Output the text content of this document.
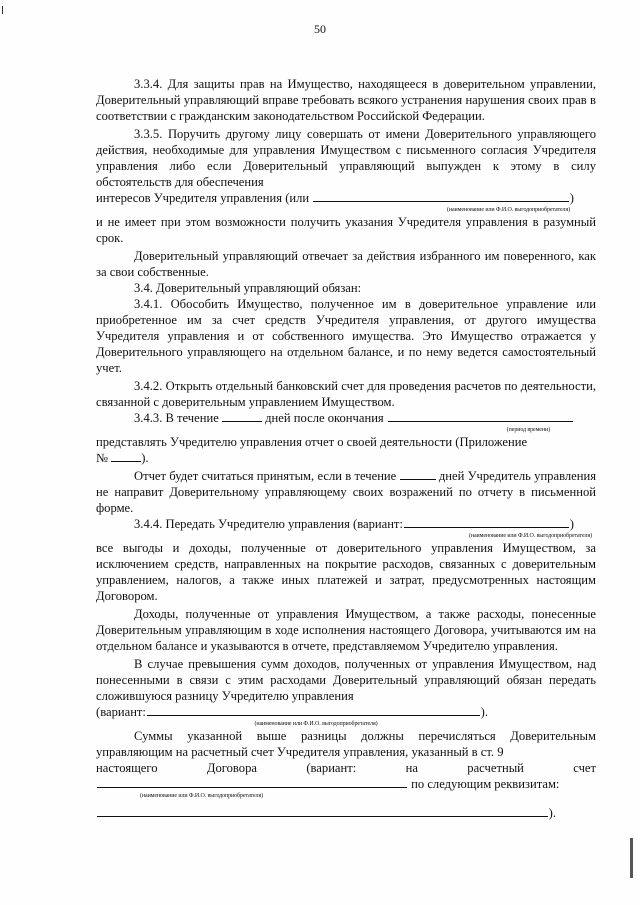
50

3.3.4. Для защиты прав на Имущество, находящееся в доверительном управлении, Доверительный управляющий вправе требовать всякого устранения нарушения своих прав в соответствии с гражданским законодательством Российской Федерации.

3.3.5. Поручить другому лицу совершать от имени Доверительного управляющего действия, необходимые для управления Имуществом с письменного согласия Учредителя управления либо если Доверительный управляющий выпужден к этому в силу обстоятельств для обеспечения

интересов Учредителя управления (или
	)
(наименование или Ф.И.О. выгодоприобретателя)

и не имеет при этом возможности получить указания Учредителя управления в разумный срок.

Доверительный управляющий отвечает за действия избранного им поверенного, как за свои собственные.

3.4. Доверительный управляющий обязан:

3.4.1. Обособить Имущество, полученное им в доверительное управление или приобретенное им за счет средств Учредителя управления, от другого имущества Учредителя управления и от собственного имущества. Это Имущество отражается у Доверительного управляющего на отдельном балансе, и по нему ведется самостоятельный учет.

3.4.2. Открыть отдельный банковский счет для проведения расчетов по деятельности, связанной с доверительным управлением Имуществом.

3.4.3. В течение

	дней после окончания

(период времени)

представлять Учредителю управления отчет о своей деятельности (Приложение

№
	).

Отчет будет считаться принятым, если в течение	дней Учредитель управления не направит Доверительному управляющему своих возражений по отчету в письменной форме.

3.4.4. Передать Учредителю управления (вариант:	)
(наименование или Ф.И.О. выгодоприобретателя)

все выгоды и доходы, полученные от доверительного управления Имуществом, за исключением средств, направленных на покрытие расходов, связанных с доверительным управлением, налогов, а также иных платежей и затрат, предусмотренных настоящим Договором.

Доходы, полученные от управления Имуществом, а также расходы, понесенные Доверительным управляющим в ходе исполнения настоящего Договора, учитываются им на отдельном балансе и указываются в отчете, представляемом Учредителю управления.

В случае превышения сумм доходов, полученных от управления Имуществом, над понесенными в связи с этим расходами Доверительный управляющий обязан передать сложившуюся разницу Учредителю управления

(вариант:	).
(наименование или Ф.И.О. выгодоприобретателя)

Суммы указанной выше разницы должны перечисляться Доверительным управляющим на расчетный счет Учредителя управления, указанный в ст. 9

настоящего	Договора	(вариант:	на	расчетный	счет

по следующим реквизитам:
(наименование или Ф.И.О. выгодоприобретателя)
).
